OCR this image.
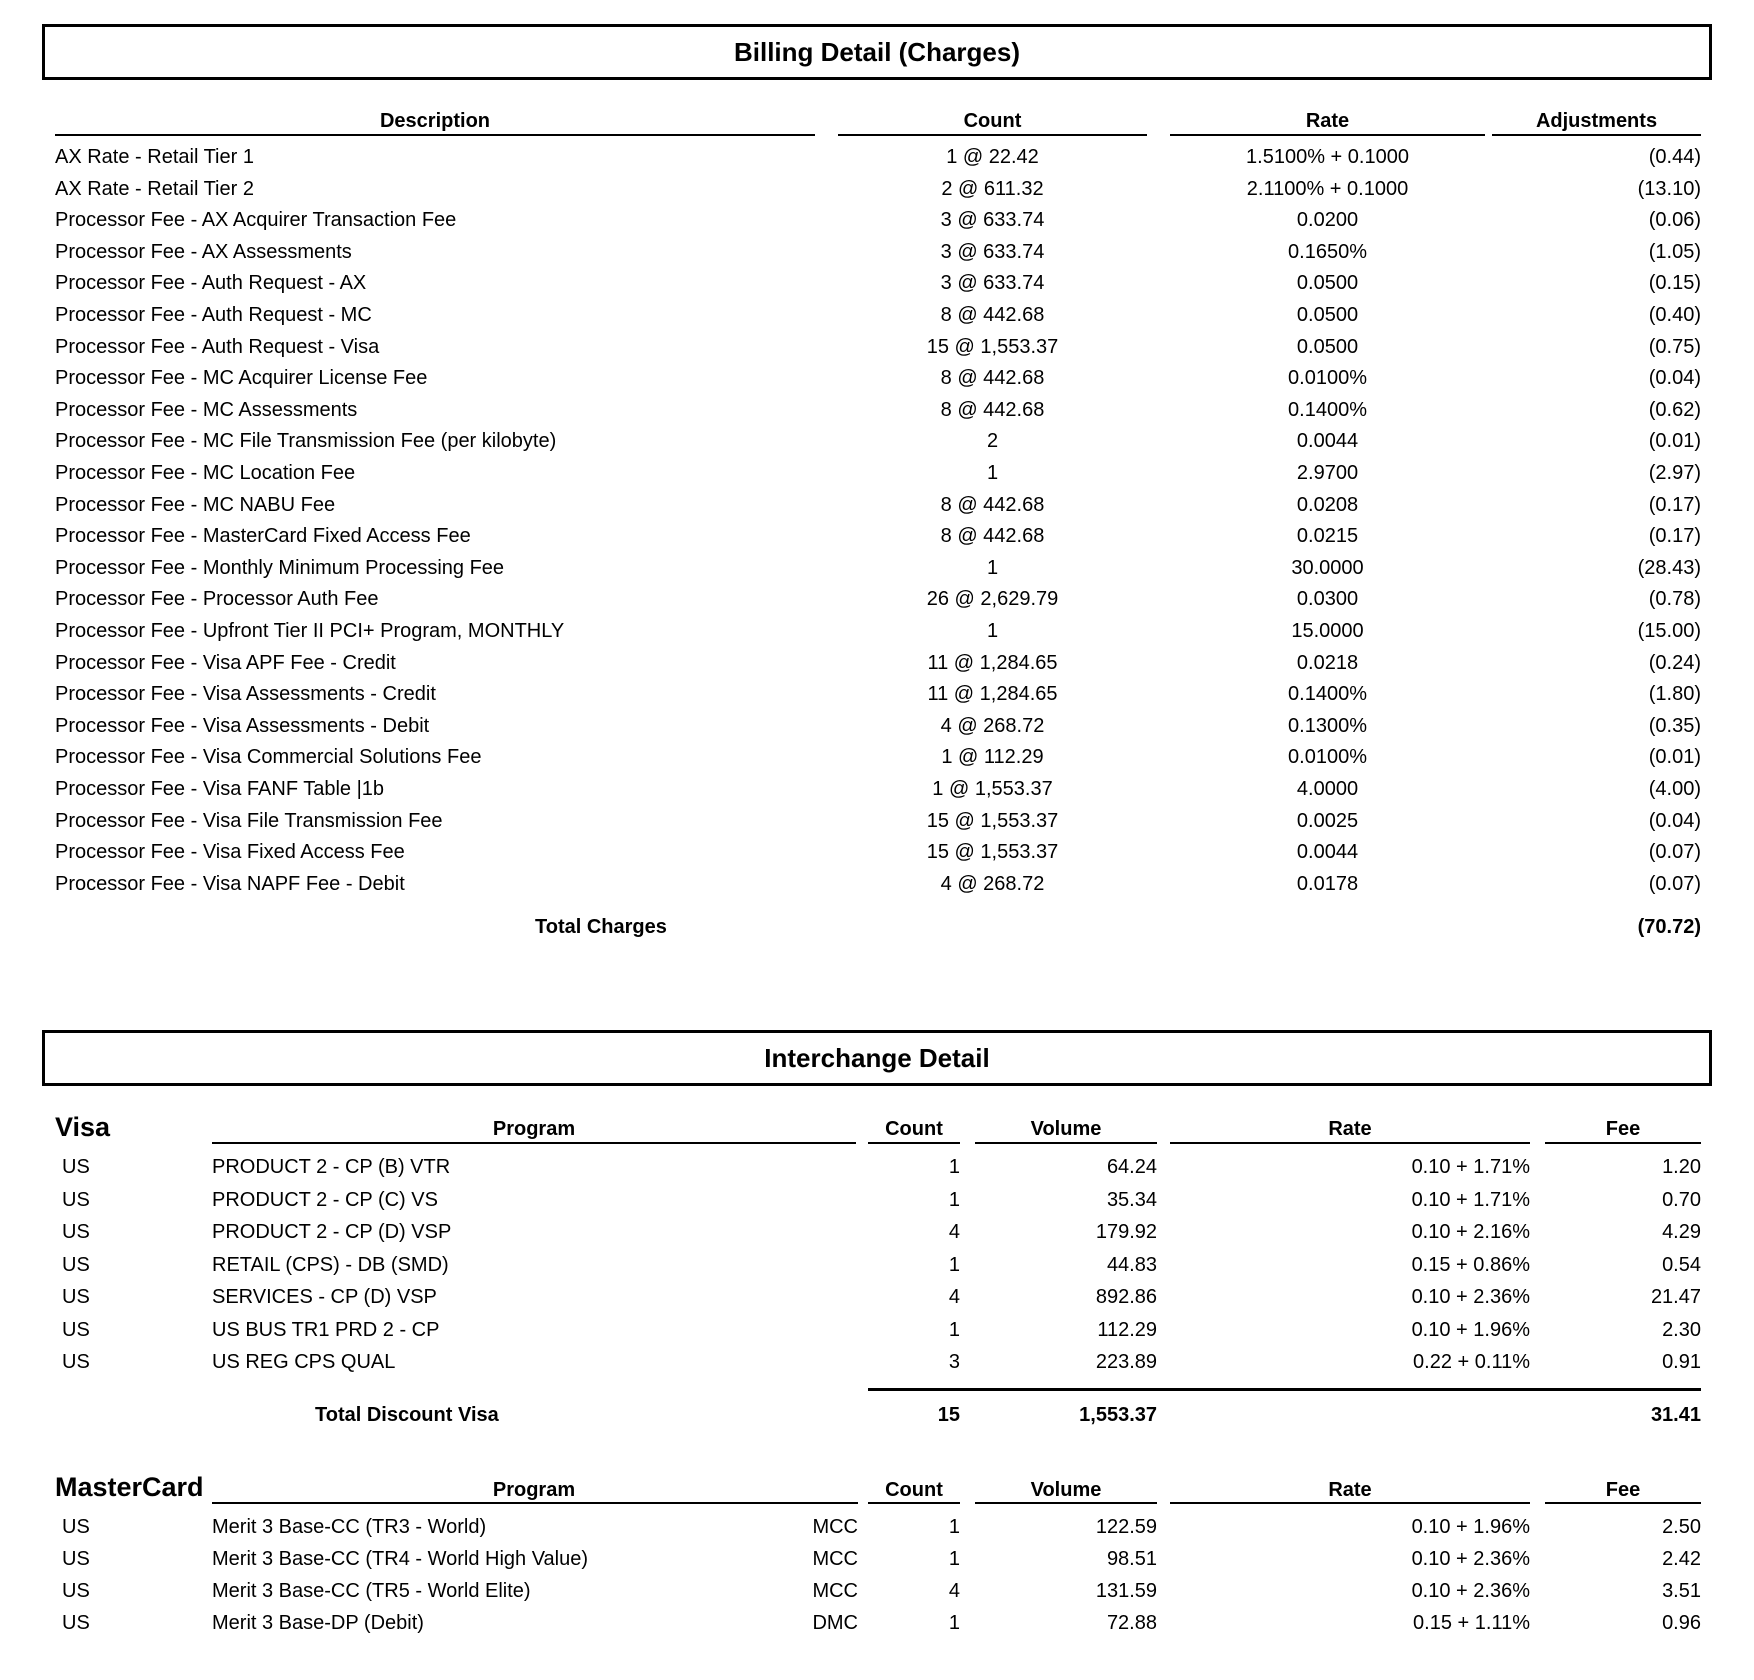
Billing Detail (Charges)
Description	Count	Rate	Adjustments
AX Rate - Retail Tier 1	1 @ 22.42	1.5100% + 0.1000	(0.44)
AX Rate - Retail Tier 2	2 @ 611.32	2.1100% + 0.1000	(13.10)
Processor Fee - AX Acquirer Transaction Fee	3 @ 633.74	0.0200	(0.06)
Processor Fee - AX Assessments	3 @ 633.74	0.1650%	(1.05)
Processor Fee - Auth Request - AX	3 @ 633.74	0.0500	(0.15)
Processor Fee - Auth Request - MC	8 @ 442.68	0.0500	(0.40)
Processor Fee - Auth Request - Visa	15 @ 1,553.37	0.0500	(0.75)
Processor Fee - MC Acquirer License Fee	8 @ 442.68	0.0100%	(0.04)
Processor Fee - MC Assessments	8 @ 442.68	0.1400%	(0.62)
Processor Fee - MC File Transmission Fee (per kilobyte)	2	0.0044	(0.01)
Processor Fee - MC Location Fee	1	2.9700	(2.97)
Processor Fee - MC NABU Fee	8 @ 442.68	0.0208	(0.17)
Processor Fee - MasterCard Fixed Access Fee	8 @ 442.68	0.0215	(0.17)
Processor Fee - Monthly Minimum Processing Fee	1	30.0000	(28.43)
Processor Fee - Processor Auth Fee	26 @ 2,629.79	0.0300	(0.78)
Processor Fee - Upfront Tier II PCI+ Program, MONTHLY	1	15.0000	(15.00)
Processor Fee - Visa APF Fee - Credit	11 @ 1,284.65	0.0218	(0.24)
Processor Fee - Visa Assessments - Credit	11 @ 1,284.65	0.1400%	(1.80)
Processor Fee - Visa Assessments - Debit	4 @ 268.72	0.1300%	(0.35)
Processor Fee - Visa Commercial Solutions Fee	1 @ 112.29	0.0100%	(0.01)
Processor Fee - Visa FANF Table |1b	1 @ 1,553.37	4.0000	(4.00)
Processor Fee - Visa File Transmission Fee	15 @ 1,553.37	0.0025	(0.04)
Processor Fee - Visa Fixed Access Fee	15 @ 1,553.37	0.0044	(0.07)
Processor Fee - Visa NAPF Fee - Debit	4 @ 268.72	0.0178	(0.07)
Total Charges	(70.72)
Interchange Detail
Visa	Program	Count	Volume	Rate	Fee
US	PRODUCT 2 - CP (B) VTR	1	64.24	0.10 + 1.71%	1.20
US	PRODUCT 2 - CP (C) VS	1	35.34	0.10 + 1.71%	0.70
US	PRODUCT 2 - CP (D) VSP	4	179.92	0.10 + 2.16%	4.29
US	RETAIL (CPS) - DB (SMD)	1	44.83	0.15 + 0.86%	0.54
US	SERVICES - CP (D) VSP	4	892.86	0.10 + 2.36%	21.47
US	US BUS TR1 PRD 2 - CP	1	112.29	0.10 + 1.96%	2.30
US	US REG CPS QUAL	3	223.89	0.22 + 0.11%	0.91
Total Discount Visa	15	1,553.37	31.41
MasterCard	Program	Count	Volume	Rate	Fee
US	Merit 3 Base-CC (TR3 - World)	MCC	1	122.59	0.10 + 1.96%	2.50
US	Merit 3 Base-CC (TR4 - World High Value)	MCC	1	98.51	0.10 + 2.36%	2.42
US	Merit 3 Base-CC (TR5 - World Elite)	MCC	4	131.59	0.10 + 2.36%	3.51
US	Merit 3 Base-DP (Debit)	DMC	1	72.88	0.15 + 1.11%	0.96
